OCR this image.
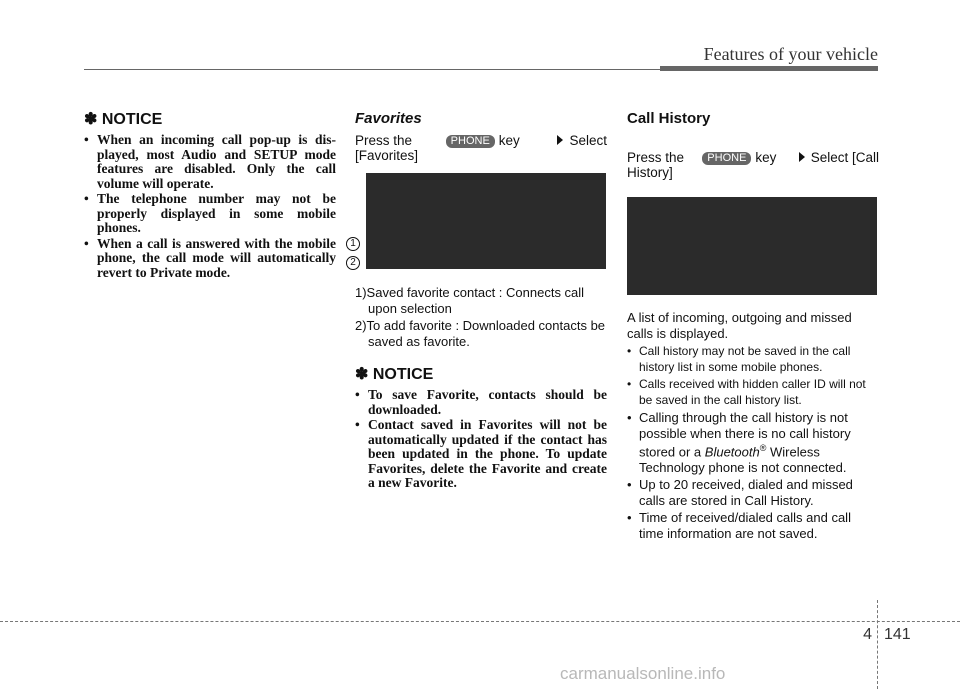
Features of your vehicle
✽ NOTICE
• When an incoming call pop-up is displayed, most Audio and SETUP mode features are disabled. Only the call volume will operate.
• The telephone number may not be properly displayed in some mobile phones.
• When a call is answered with the mobile phone, the call mode will automatically revert to Private mode.
Favorites
Press the	PHONE key	Select
[Favorites]
1
2
1)Saved favorite contact : Connects call upon selection
2)To add favorite : Downloaded contacts be saved as favorite.
✽ NOTICE
• To save Favorite, contacts should be downloaded.
• Contact saved in Favorites will not be automatically updated if the contact has been updated in the phone. To update Favorites, delete the Favorite and create a new Favorite.
Call History
Press the	PHONE key	Select [Call
History]
A list of incoming, outgoing and missed calls is displayed.
• Call history may not be saved in the call history list in some mobile phones.
• Calls received with hidden caller ID will not be saved in the call history list.
• Calling through the call history is not possible when there is no call history stored or a Bluetooth® Wireless Technology phone is not connected.
• Up to 20 received, dialed and missed calls are stored in Call History.
• Time of received/dialed calls and call time information are not saved.
4 141
carmanualsonline.info
